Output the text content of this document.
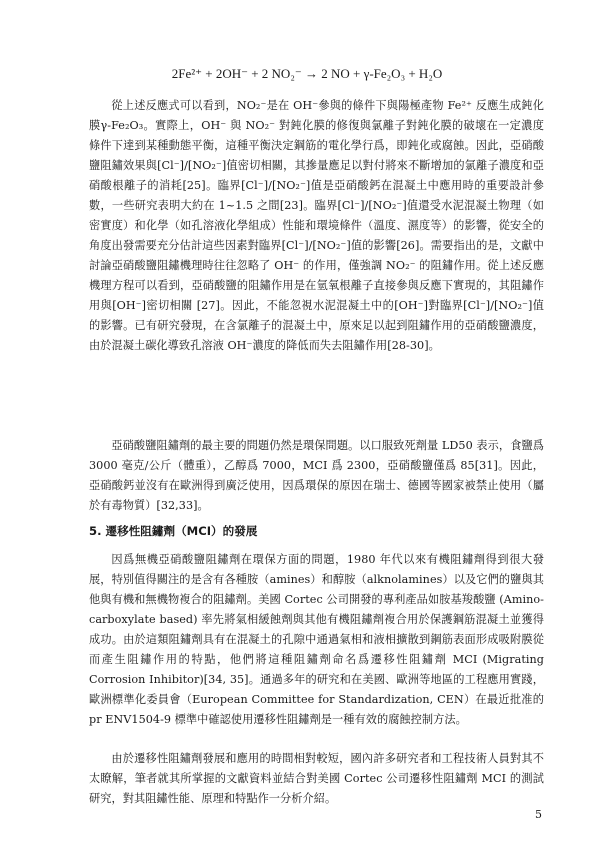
2Fe²⁺ + 2OH⁻ + 2 NO₂⁻ → 2 NO + γ-Fe₂O₃ + H₂O

從上述反應式可以看到，NO₂⁻是在 OH⁻參與的條件下與陽極產物 Fe²⁺ 反應生成鈍化膜γ-Fe₂O₃。實際上，OH⁻ 與 NO₂⁻ 對鈍化膜的修復與氯離子對鈍化膜的破壞在一定濃度條件下達到某種動態平衡，這種平衡決定鋼筋的電化學行爲，即鈍化或腐蝕。因此，亞硝酸鹽阻鏽效果與[Cl⁻]/[NO₂⁻]值密切相關，其摻量應足以對付將來不斷增加的氯離子濃度和亞硝酸根離子的消耗[25]。臨界[Cl⁻]/[NO₂⁻]值是亞硝酸鈣在混凝土中應用時的重要設計參數，一些研究表明大約在 1~1.5 之間[23]。臨界[Cl⁻]/[NO₂⁻]值還受水泥混凝土物理（如密實度）和化學（如孔溶液化學組成）性能和環境條件（溫度、濕度等）的影響，從安全的角度出發需要充分估計這些因素對臨界[Cl⁻]/[NO₂⁻]值的影響[26]。需要指出的是，文獻中討論亞硝酸鹽阻鏽機理時往往忽略了 OH⁻ 的作用，僅強調 NO₂⁻ 的阻鏽作用。從上述反應機理方程可以看到，亞硝酸鹽的阻鏽作用是在氫氧根離子直接參與反應下實現的，其阻鏽作用與[OH⁻]密切相關 [27]。因此，不能忽視水泥混凝土中的[OH⁻]對臨界[Cl⁻]/[NO₂⁻]值的影響。已有研究發現，在含氯離子的混凝土中，原來足以起到阻鏽作用的亞硝酸鹽濃度，由於混凝土碳化導致孔溶液 OH⁻濃度的降低而失去阻鏽作用[28-30]。

亞硝酸鹽阻鏽劑的最主要的問題仍然是環保問題。以口服致死劑量 LD50 表示，食鹽爲 3000 毫克/公斤（體重），乙醇爲 7000，MCI 爲 2300，亞硝酸鹽僅爲 85[31]。因此，亞硝酸鈣並沒有在歐洲得到廣泛使用，因爲環保的原因在瑞士、德國等國家被禁止使用（屬於有毒物質）[32,33]。

5. 遷移性阻鏽劑（MCI）的發展

因爲無機亞硝酸鹽阻鏽劑在環保方面的問題，1980 年代以來有機阻鏽劑得到很大發展，特別值得關注的是含有各種胺（amines）和醇胺（alknolamines）以及它們的鹽與其他與有機和無機物複合的阻鏽劑。美國 Cortec 公司開發的專利產品如胺基羧酸鹽 (Amino-carboxylate based) 率先將氣相緩蝕劑與其他有機阻鏽劑複合用於保護鋼筋混凝土並獲得成功。由於這類阻鏽劑具有在混凝土的孔隙中通過氣相和液相擴散到鋼筋表面形成吸附膜從而產生阻鏽作用的特點，他們將這種阻鏽劑命名爲遷移性阻鏽劑 MCI (Migrating Corrosion Inhibitor)[34, 35]。通過多年的研究和在美國、歐洲等地區的工程應用實踐，歐洲標準化委員會（European Committee for Standardization, CEN）在最近批准的 pr ENV1504-9 標準中確認使用遷移性阻鏽劑是一種有效的腐蝕控制方法。

由於遷移性阻鏽劑發展和應用的時間相對較短，國內許多研究者和工程技術人員對其不太瞭解，筆者就其所掌握的文獻資料並結合對美國 Cortec 公司遷移性阻鏽劑 MCI 的測試研究，對其阻鏽性能、原理和特點作一分析介紹。

5
